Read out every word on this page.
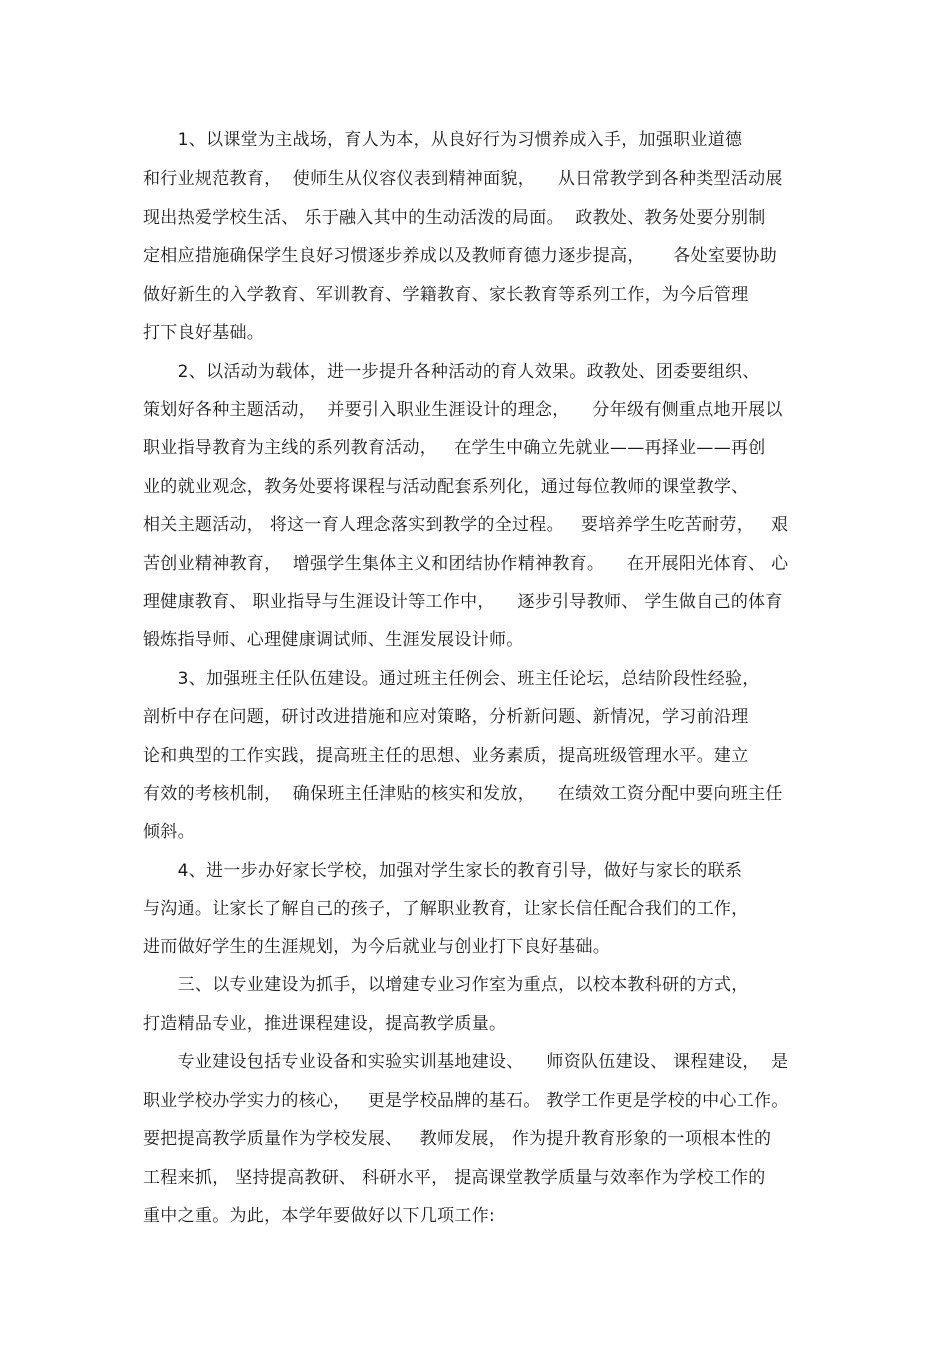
　　1、以课堂为主战场，育人为本，从良好行为习惯养成入手，加强职业道德
和行业规范教育，  使师生从仪容仪表到精神面貌，    从日常教学到各种类型活动展
现出热爱学校生活、 乐于融入其中的生动活泼的局面。  政教处、教务处要分别制
定相应措施确保学生良好习惯逐步养成以及教师育德力逐步提高，     各处室要协助
做好新生的入学教育、军训教育、学籍教育、家长教育等系列工作，为今后管理
打下良好基础。
　　2、以活动为载体，进一步提升各种活动的育人效果。政教处、团委要组织、
策划好各种主题活动，  并要引入职业生涯设计的理念，    分年级有侧重点地开展以
职业指导教育为主线的系列教育活动，   在学生中确立先就业——再择业——再创
业的就业观念，教务处要将课程与活动配套系列化，通过每位教师的课堂教学、
相关主题活动， 将这一育人理念落实到教学的全过程。   要培养学生吃苦耐劳，   艰
苦创业精神教育，  增强学生集体主义和团结协作精神教育。    在开展阳光体育、 心
理健康教育、 职业指导与生涯设计等工作中，    逐步引导教师、 学生做自己的体育
锻炼指导师、心理健康调试师、生涯发展设计师。
　　3、加强班主任队伍建设。通过班主任例会、班主任论坛，总结阶段性经验，
剖析中存在问题，研讨改进措施和应对策略，分析新问题、新情况，学习前沿理
论和典型的工作实践，提高班主任的思想、业务素质，提高班级管理水平。建立
有效的考核机制，  确保班主任津贴的核实和发放，    在绩效工资分配中要向班主任
倾斜。
　　4、进一步办好家长学校，加强对学生家长的教育引导，做好与家长的联系
与沟通。让家长了解自己的孩子，了解职业教育，让家长信任配合我们的工作，
进而做好学生的生涯规划，为今后就业与创业打下良好基础。
　　三、以专业建设为抓手，以增建专业习作室为重点，以校本教科研的方式，
打造精品专业，推进课程建设，提高教学质量。
　　专业建设包括专业设备和实验实训基地建设、    师资队伍建设、 课程建设，  是
职业学校办学实力的核心，   更是学校品牌的基石。 教学工作更是学校的中心工作。
要把提高教学质量作为学校发展、   教师发展， 作为提升教育形象的一项根本性的
工程来抓， 坚持提高教研、 科研水平， 提高课堂教学质量与效率作为学校工作的
重中之重。为此，本学年要做好以下几项工作:
